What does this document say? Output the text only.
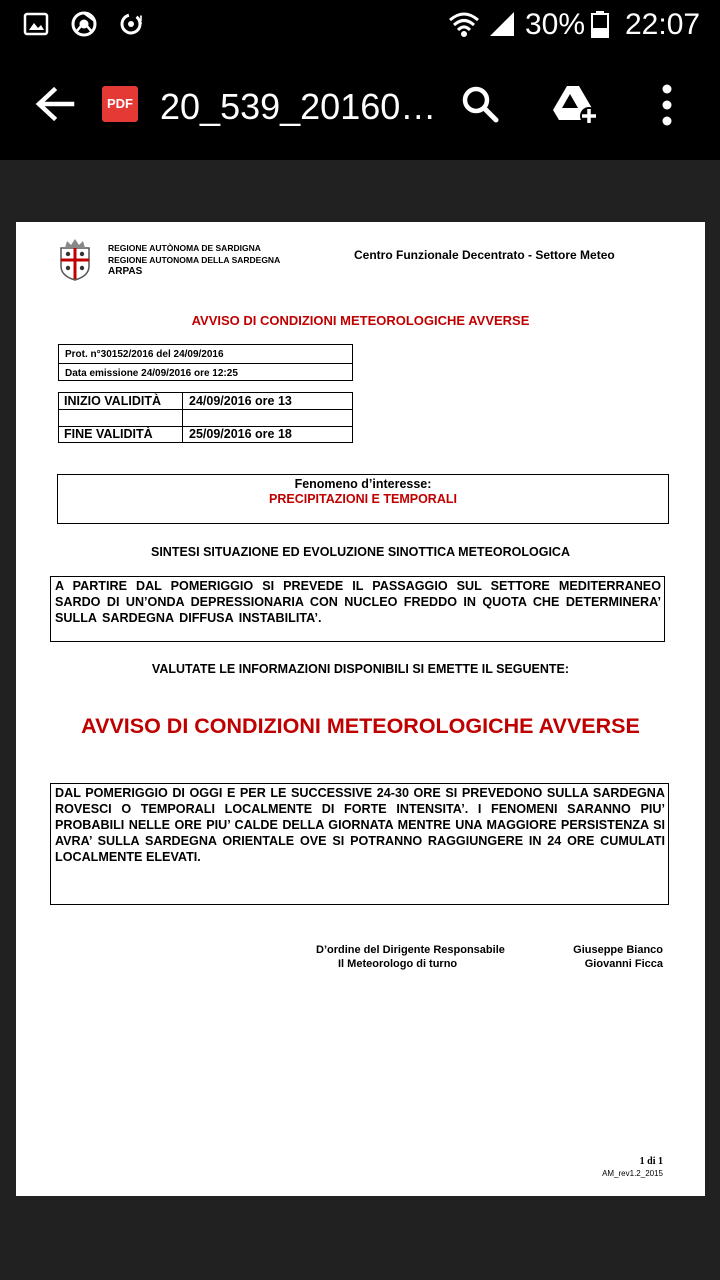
!	30% 22:07
PDF 20_539_20160…
REGIONE AUTÒNOMA DE SARDIGNA
REGIONE AUTONOMA DELLA SARDEGNA
ARPAS
Centro Funzionale Decentrato - Settore Meteo
AVVISO DI CONDIZIONI METEOROLOGICHE AVVERSE
Prot. n°30152/2016 del 24/09/2016
Data emissione 24/09/2016 ore 12:25
INIZIO VALIDITÀ 24/09/2016 ore 13
FINE VALIDITÀ	25/09/2016 ore 18
Fenomeno d’interesse:
PRECIPITAZIONI E TEMPORALI
SINTESI SITUAZIONE ED EVOLUZIONE SINOTTICA METEOROLOGICA
A PARTIRE DAL POMERIGGIO SI PREVEDE IL PASSAGGIO SUL SETTORE MEDITERRANEO SARDO DI UN’ONDA DEPRESSIONARIA CON NUCLEO FREDDO IN QUOTA CHE DETERMINERA’ SULLA SARDEGNA DIFFUSA INSTABILITA’.
VALUTATE LE INFORMAZIONI DISPONIBILI SI EMETTE IL SEGUENTE:
AVVISO DI CONDIZIONI METEOROLOGICHE AVVERSE
DAL POMERIGGIO DI OGGI E PER LE SUCCESSIVE 24-30 ORE SI PREVEDONO SULLA SARDEGNA ROVESCI O TEMPORALI LOCALMENTE DI FORTE INTENSITA’. I FENOMENI SARANNO PIU’ PROBABILI NELLE ORE PIU’ CALDE DELLA GIORNATA MENTRE UNA MAGGIORE PERSISTENZA SI AVRA’ SULLA SARDEGNA ORIENTALE OVE SI POTRANNO RAGGIUNGERE IN 24 ORE CUMULATI LOCALMENTE ELEVATI.
D’ordine del Dirigente Responsabile
Il Meteorologo di turno
Giuseppe Bianco
Giovanni Ficca
1 di 1
AM_rev1.2_2015
